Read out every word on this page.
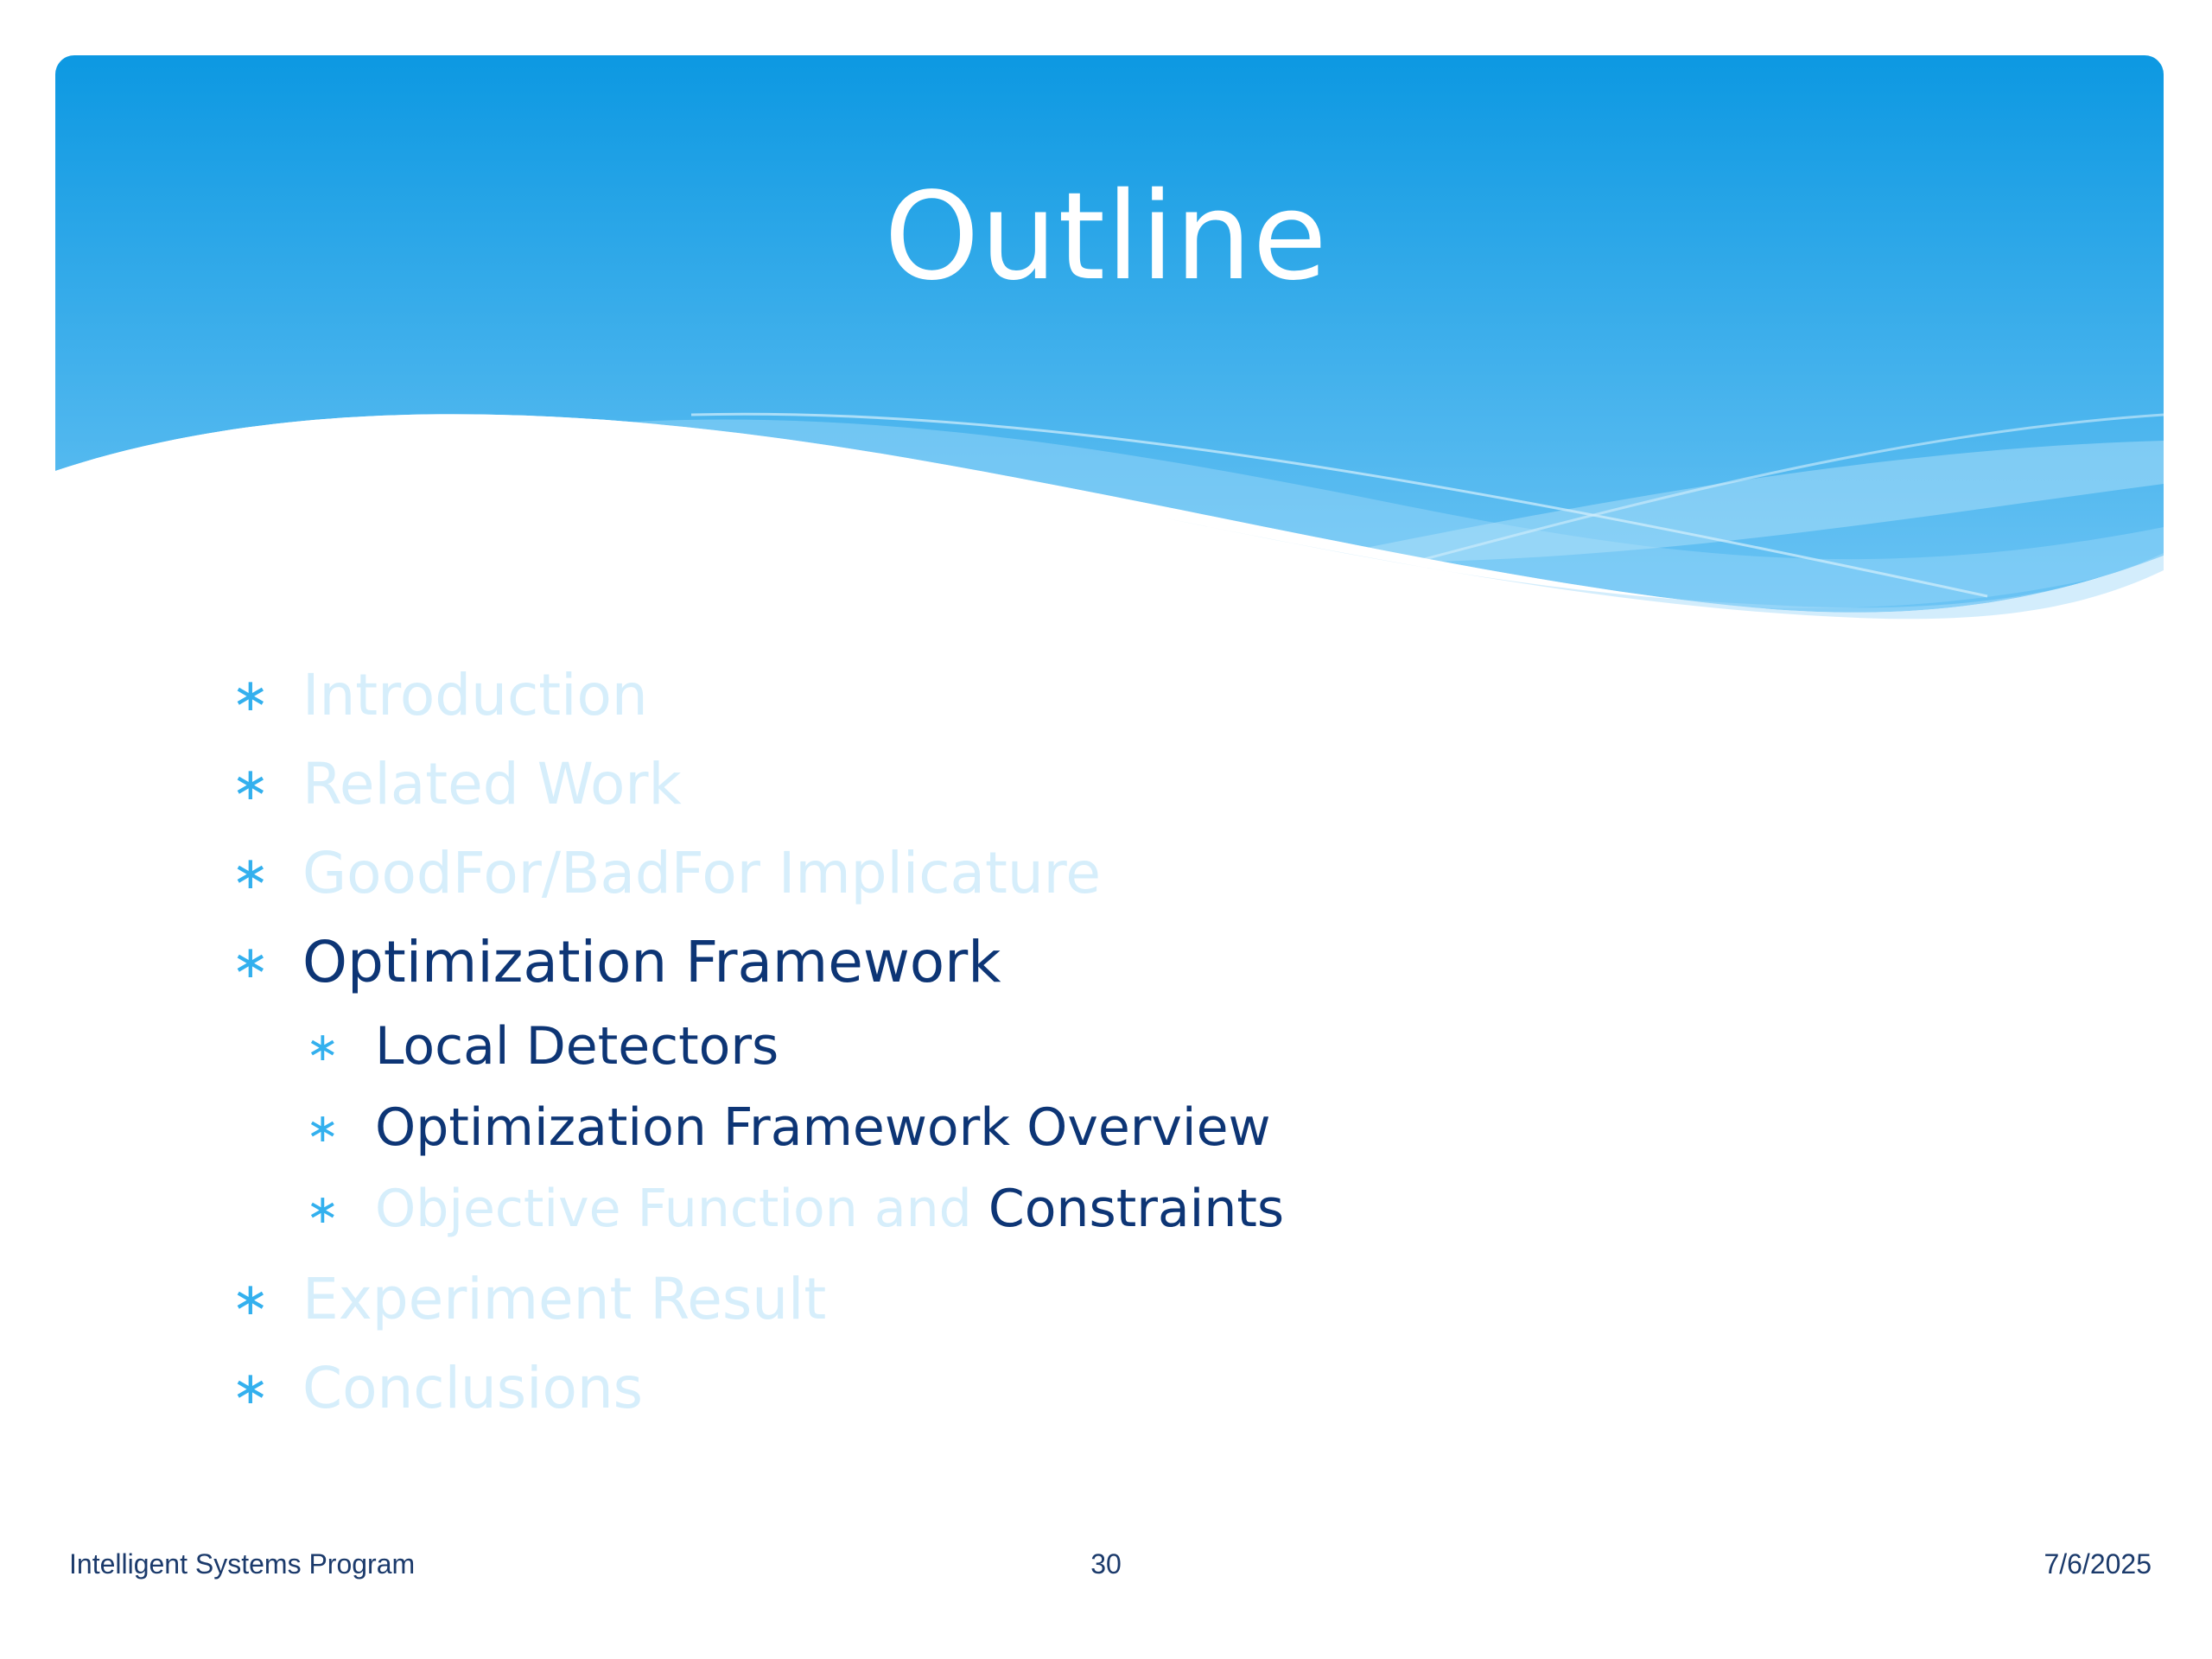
Outline
∗ Introduction
∗ Related Work
∗ GoodFor/BadFor Implicature
∗ Optimization Framework
∗ Local Detectors
∗ Optimization Framework Overview
∗ Objective Function and Constraints
∗ Experiment Result
∗ Conclusions
Intelligent Systems Program	30	7/6/2025
